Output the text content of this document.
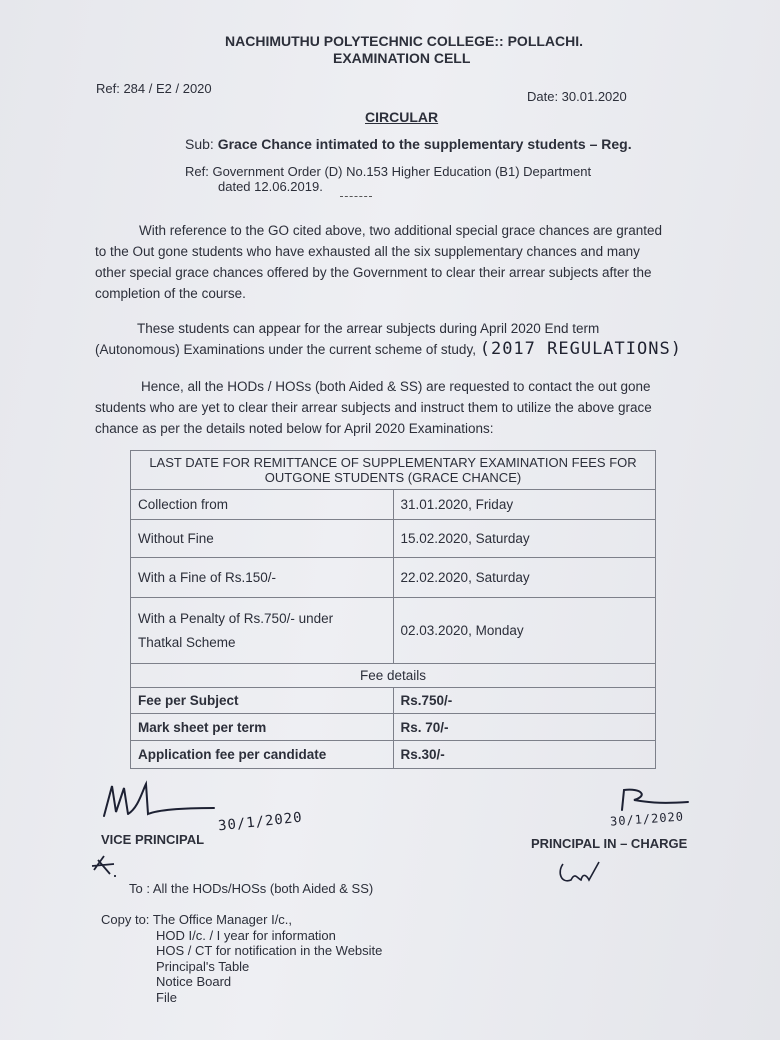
NACHIMUTHU POLYTECHNIC COLLEGE:: POLLACHI.
EXAMINATION CELL
Ref: 284 / E2 / 2020
Date: 30.01.2020
CIRCULAR
Sub: Grace Chance intimated to the supplementary students – Reg.
Ref: Government Order (D) No.153 Higher Education (B1) Department
dated 12.06.2019.
With reference to the GO cited above, two additional special grace chances are granted
to the Out gone students who have exhausted all the six supplementary chances and many
other special grace chances offered by the Government to clear their arrear subjects after the
completion of the course.
These students can appear for the arrear subjects during April 2020 End term
(Autonomous) Examinations under the current scheme of study, (2017 REGULATIONS)
Hence, all the HODs / HOSs (both Aided & SS) are requested to contact the out gone
students who are yet to clear their arrear subjects and instruct them to utilize the above grace
chance as per the details noted below for April 2020 Examinations:
LAST DATE FOR REMITTANCE OF SUPPLEMENTARY EXAMINATION FEES FOR
OUTGONE STUDENTS (GRACE CHANCE)	

Collection from	31.01.2020, Friday
Without Fine	15.02.2020, Saturday
With a Fine of Rs.150/-	22.02.2020, Saturday

With a Penalty of Rs.750/- under
Thatkal Scheme	02.03.2020, Monday
Fee details	
Fee per Subject	Rs.750/-
Mark sheet per term	Rs. 70/-
Application fee per candidate	Rs.30/-
30/1/2020
VICE PRINCIPAL
30/1/2020
PRINCIPAL IN – CHARGE
To : All the HODs/HOSs (both Aided & SS)
Copy to: The Office Manager I/c.,
HOD I/c. / I year for information
HOS / CT for notification in the Website
Principal's Table
Notice Board
File
